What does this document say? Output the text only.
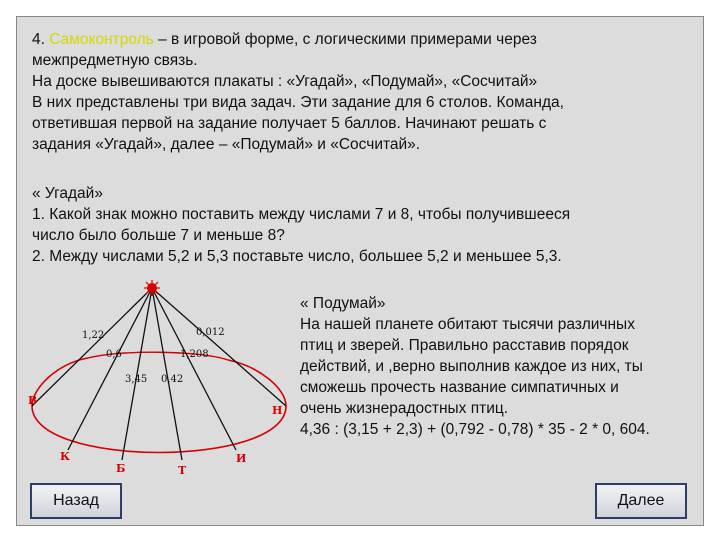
4. Самоконтроль – в игровой форме, с логическими примерами через
межпредметную связь.
На доске вывешиваются плакаты : «Угадай», «Подумай», «Сосчитай»
В них представлены три вида задач. Эти задание для 6 столов. Команда,
ответившая первой на задание получает 5 баллов. Начинают решать с
задания «Угадай», далее – «Подумай» и «Сосчитай».
« Угадай»
1. Какой знак можно поставить между числами 7 и 8, чтобы получившееся
число было больше 7 и меньше 8?
2. Между числами 5,2 и 5,3 поставьте число, большее 5,2 и меньшее 5,3.
1,22	0,012
0,6	1,208
3,45 0,42
В
Н
К
Б	Т
И
« Подумай»
На нашей планете обитают тысячи различных
птиц и зверей. Правильно расставив порядок
действий, и ,верно выполнив каждое из них, ты
сможешь прочесть название симпатичных и
очень жизнерадостных птиц.
4,36 : (3,15 + 2,3) + (0,792 - 0,78) * 35 - 2 * 0, 604.
Назад	Далее
